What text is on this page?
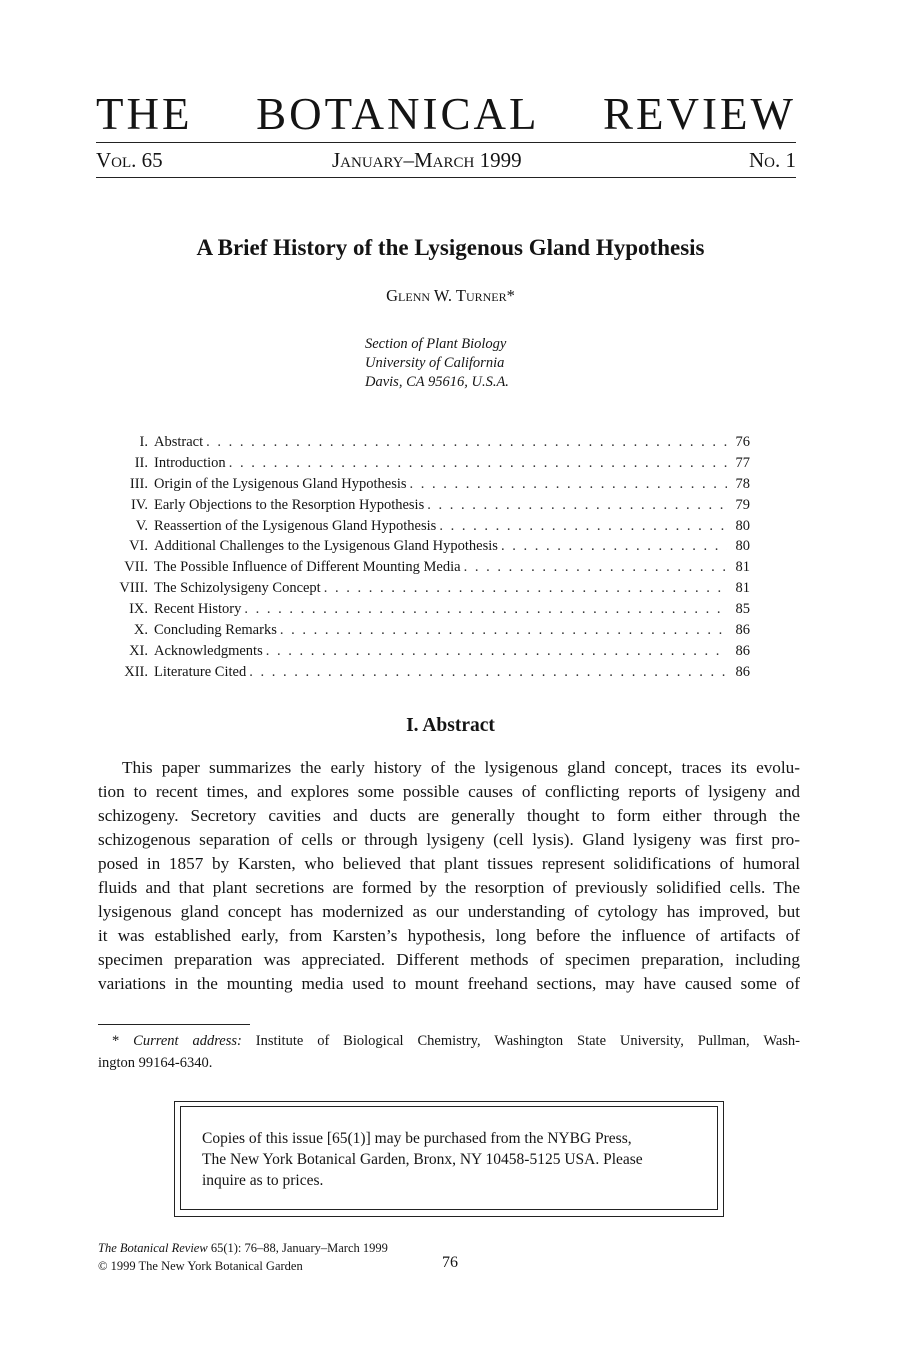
THE BOTANICAL REVIEW
Vol. 65	January–March 1999	No. 1
A Brief History of the Lysigenous Gland Hypothesis
Glenn W. Turner*
Section of Plant Biology
University of California
Davis, CA 95616, U.S.A.
I. Abstract . . .	76
II. Introduction . . .	77
III. Origin of the Lysigenous Gland Hypothesis . . .	78
IV. Early Objections to the Resorption Hypothesis . . .	79
V. Reassertion of the Lysigenous Gland Hypothesis . . .	80
VI. Additional Challenges to the Lysigenous Gland Hypothesis . . .	80
VII. The Possible Influence of Different Mounting Media . . .	81
VIII. The Schizolysigeny Concept . . .	81
IX. Recent History . . .	85
X. Concluding Remarks . . .	86
XI. Acknowledgments . . .	86
XII. Literature Cited . . .	86
I. Abstract
This paper summarizes the early history of the lysigenous gland concept, traces its evolu-
tion to recent times, and explores some possible causes of conflicting reports of lysigeny and
schizogeny. Secretory cavities and ducts are generally thought to form either through the
schizogenous separation of cells or through lysigeny (cell lysis). Gland lysigeny was first pro-
posed in 1857 by Karsten, who believed that plant tissues represent solidifications of humoral
fluids and that plant secretions are formed by the resorption of previously solidified cells. The
lysigenous gland concept has modernized as our understanding of cytology has improved, but
it was established early, from Karsten’s hypothesis, long before the influence of artifacts of
specimen preparation was appreciated. Different methods of specimen preparation, including
variations in the mounting media used to mount freehand sections, may have caused some of
* Current address: Institute of Biological Chemistry, Washington State University, Pullman, Wash-
ington 99164-6340.
Copies of this issue [65(1)] may be purchased from the NYBG Press,
The New York Botanical Garden, Bronx, NY 10458-5125 USA. Please
inquire as to prices.
The Botanical Review 65(1): 76–88, January–March 1999
© 1999 The New York Botanical Garden	76
